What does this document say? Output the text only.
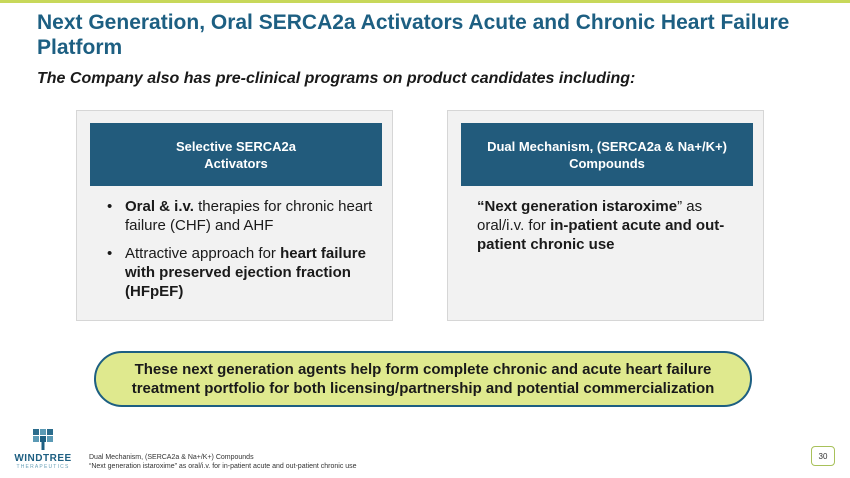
Next Generation, Oral SERCA2a Activators Acute and Chronic Heart Failure Platform
The Company also has pre-clinical programs on product candidates including:
Selective SERCA2a
Activators
• Oral & i.v. therapies for chronic heart failure (CHF) and AHF
• Attractive approach for heart failure with preserved ejection fraction (HFpEF)
Dual Mechanism, (SERCA2a & Na+/K+)
Compounds
“Next generation istaroxime” as oral/i.v. for in-patient acute and out-patient chronic use
These next generation agents help form complete chronic and acute heart failure treatment portfolio for both licensing/partnership and potential commercialization
WINDTREE
THERAPEUTICS
Dual Mechanism, (SERCA2a & Na+/K+) Compounds
“Next generation istaroxime” as oral/i.v. for in-patient acute and out-patient chronic use
30
